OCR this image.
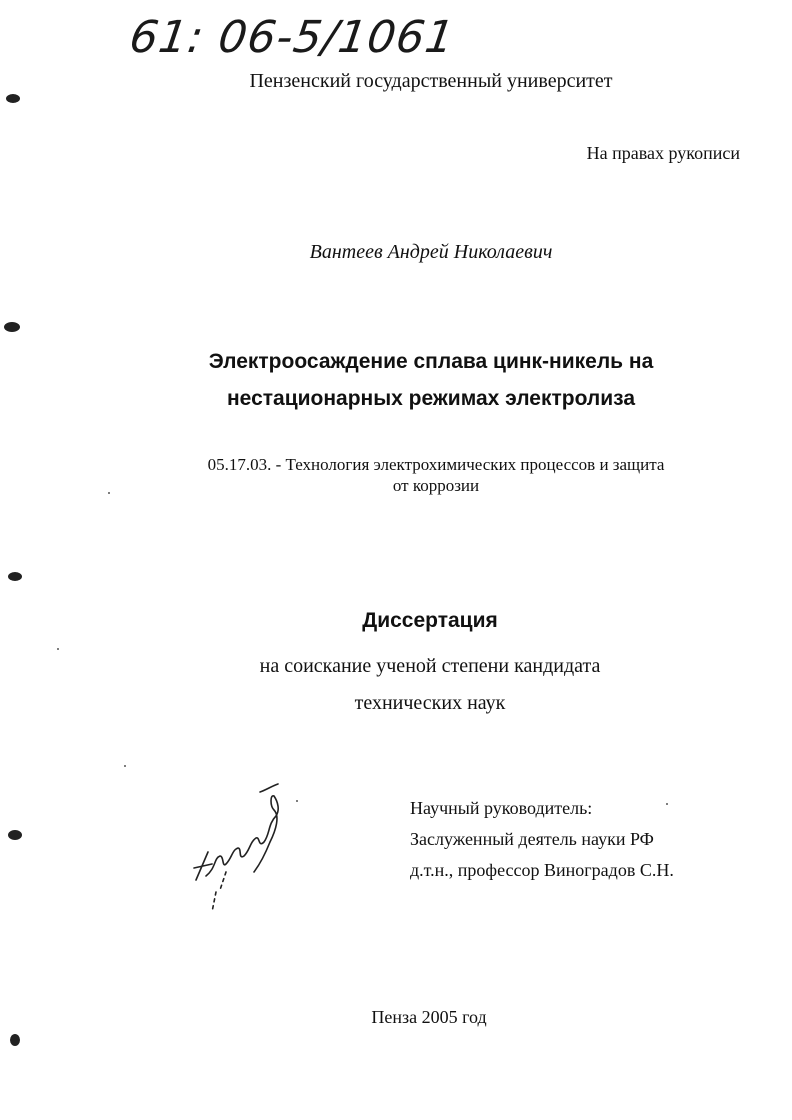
61: 06-5/1061
Пензенский государственный университет
На правах рукописи
Вантеев Андрей Николаевич
Электроосаждение сплава цинк-никель на
нестационарных режимах электролиза
05.17.03. - Технология электрохимических процессов и защита
от коррозии
Диссертация
на соискание ученой степени кандидата
технических наук
Научный руководитель:
Заслуженный деятель науки РФ
д.т.н., профессор Виноградов С.Н.
Пенза 2005 год
